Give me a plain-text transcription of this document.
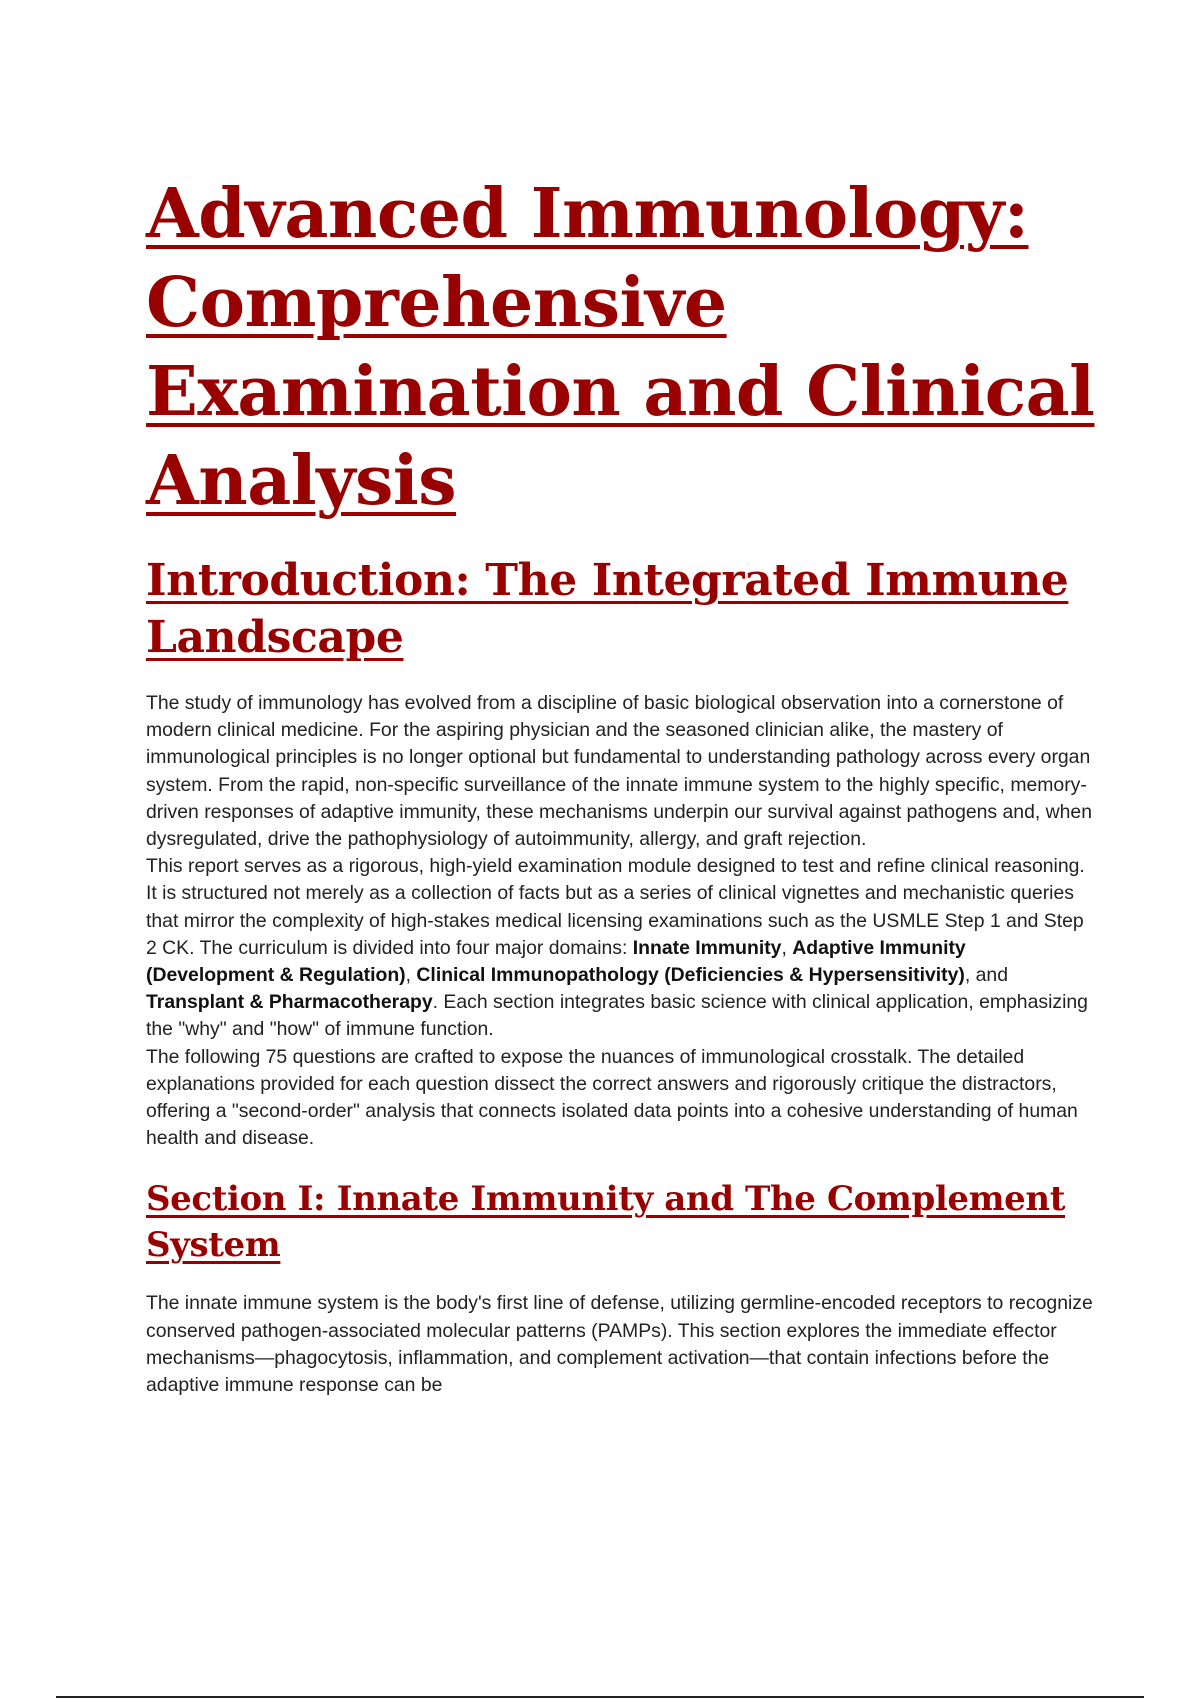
Advanced Immunology: Comprehensive Examination and Clinical Analysis
Introduction: The Integrated Immune Landscape

The study of immunology has evolved from a discipline of basic biological observation into a cornerstone of modern clinical medicine. For the aspiring physician and the seasoned clinician alike, the mastery of immunological principles is no longer optional but fundamental to understanding pathology across every organ system. From the rapid, non-specific surveillance of the innate immune system to the highly specific, memory-driven responses of adaptive immunity, these mechanisms underpin our survival against pathogens and, when dysregulated, drive the pathophysiology of autoimmunity, allergy, and graft rejection.

This report serves as a rigorous, high-yield examination module designed to test and refine clinical reasoning. It is structured not merely as a collection of facts but as a series of clinical vignettes and mechanistic queries that mirror the complexity of high-stakes medical licensing examinations such as the USMLE Step 1 and Step 2 CK. The curriculum is divided into four major domains: Innate Immunity, Adaptive Immunity (Development & Regulation), Clinical Immunopathology (Deficiencies & Hypersensitivity), and Transplant & Pharmacotherapy. Each section integrates basic science with clinical application, emphasizing the "why" and "how" of immune function.

The following 75 questions are crafted to expose the nuances of immunological crosstalk. The detailed explanations provided for each question dissect the correct answers and rigorously critique the distractors, offering a "second-order" analysis that connects isolated data points into a cohesive understanding of human health and disease.

Section I: Innate Immunity and The Complement System

The innate immune system is the body's first line of defense, utilizing germline-encoded receptors to recognize conserved pathogen-associated molecular patterns (PAMPs). This section explores the immediate effector mechanisms—phagocytosis, inflammation, and complement activation—that contain infections before the adaptive immune response can be
